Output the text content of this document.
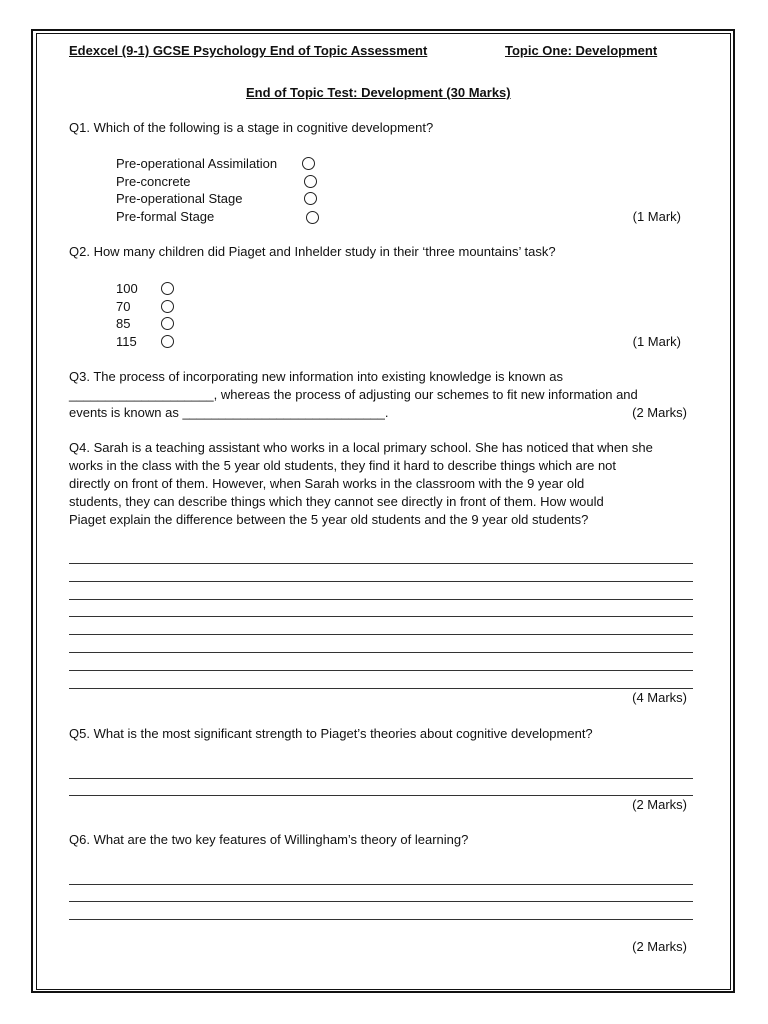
Edexcel (9-1) GCSE Psychology End of Topic Assessment	Topic One: Development
End of Topic Test: Development (30 Marks)
Q1. Which of the following is a stage in cognitive development?
Pre-operational Assimilation
Pre-concrete
Pre-operational Stage
Pre-formal Stage	(1 Mark)
Q2. How many children did Piaget and Inhelder study in their ‘three mountains’ task?
100
70
85
115	(1 Mark)
Q3. The process of incorporating new information into existing knowledge is known as
____________________, whereas the process of adjusting our schemes to fit new information and
events is known as ____________________________.	(2 Marks)
Q4. Sarah is a teaching assistant who works in a local primary school. She has noticed that when she
works in the class with the 5 year old students, they find it hard to describe things which are not
directly on front of them. However, when Sarah works in the classroom with the 9 year old
students, they can describe things which they cannot see directly in front of them. How would
Piaget explain the difference between the 5 year old students and the 9 year old students?
(4 Marks)
Q5. What is the most significant strength to Piaget’s theories about cognitive development?
(2 Marks)
Q6. What are the two key features of Willingham’s theory of learning?
(2 Marks)
